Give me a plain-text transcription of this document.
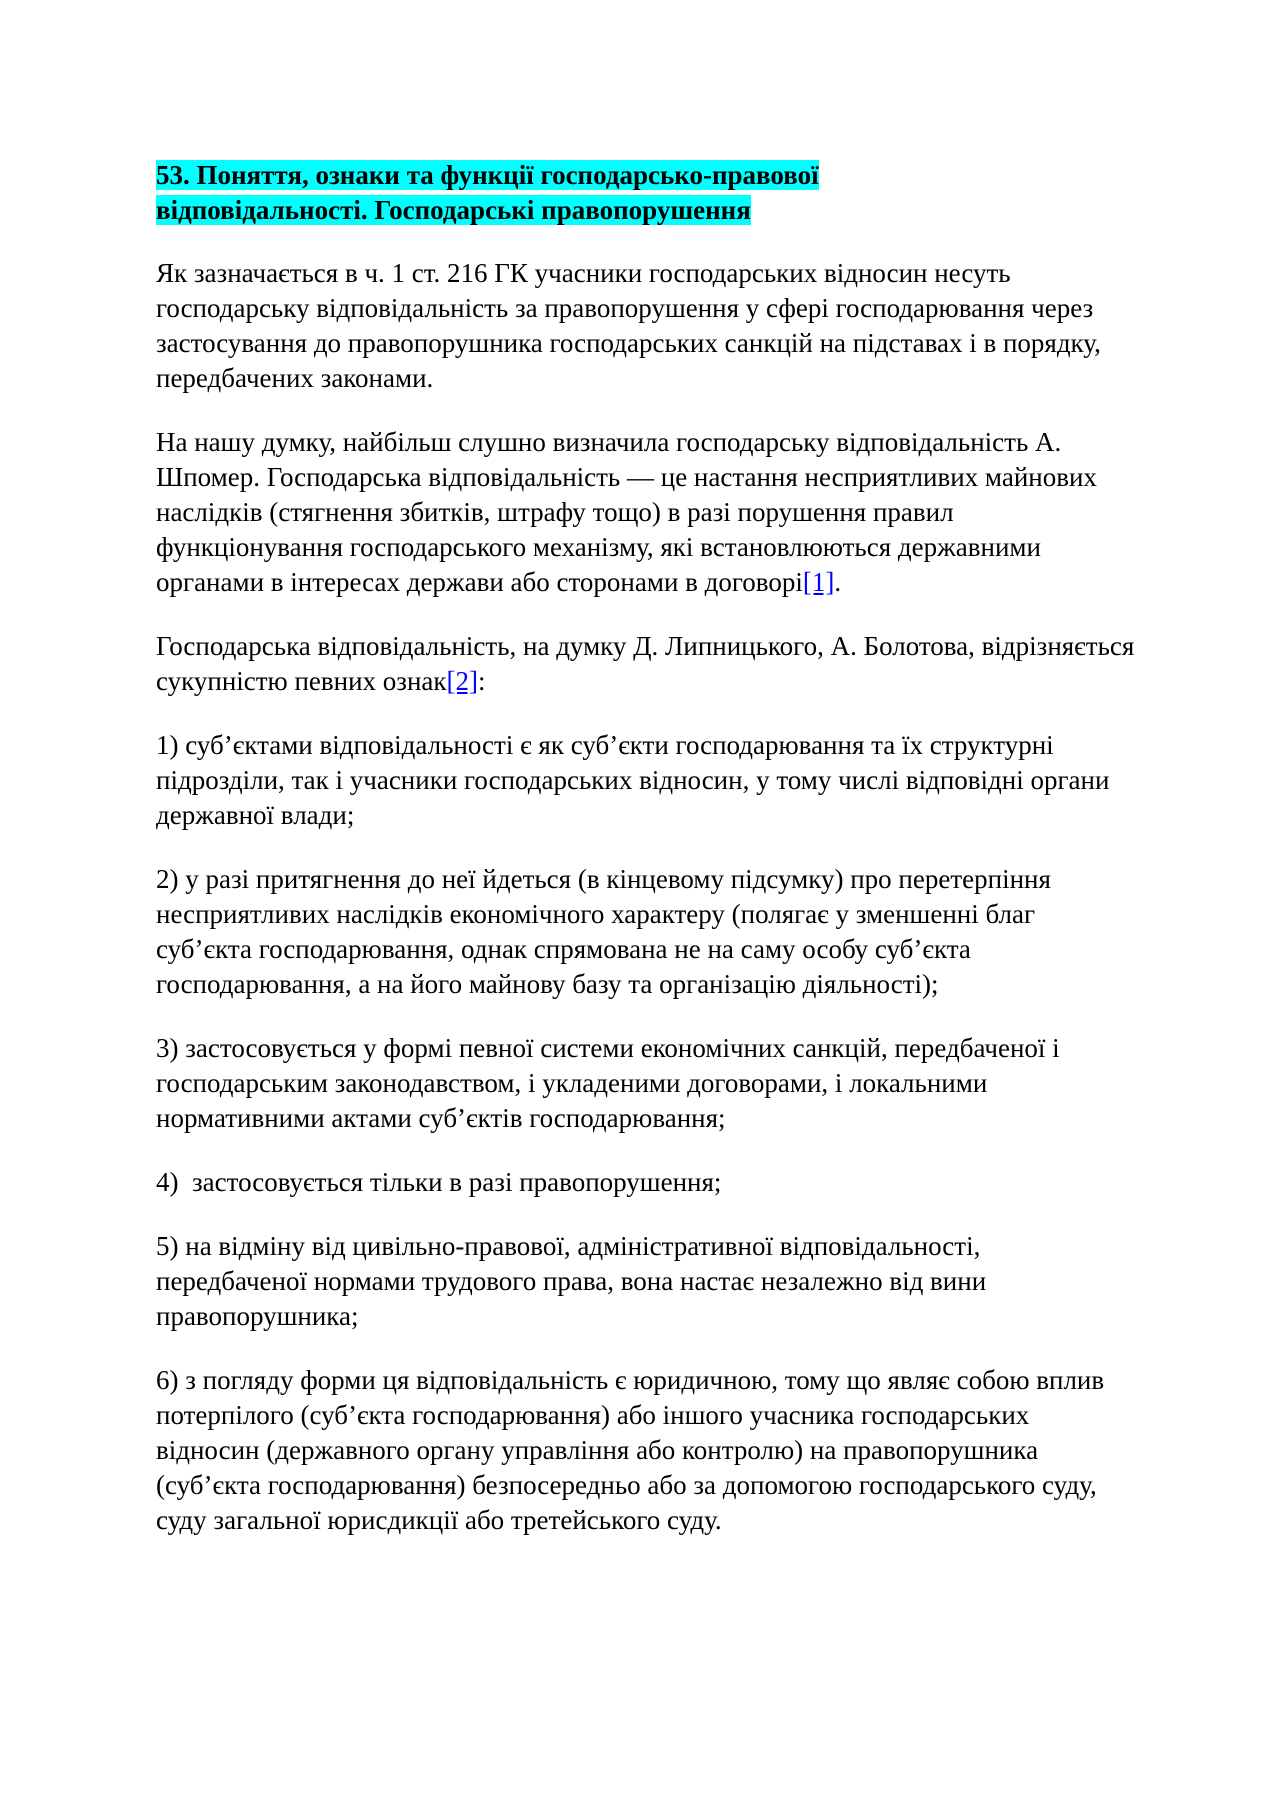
53. Поняття, ознаки та функції господарсько-правової
відповідальності. Господарські правопорушення

Як зазначається в ч. 1 ст. 216 ГК учасники господарських відносин несуть господарську відповідальність за правопорушення у сфері господарювання через застосування до правопорушника господарських санкцій на підставах і в порядку, передбачених законами.

На нашу думку, найбільш слушно визначила господарську відповідальність А. Шпомер. Господарська відповідальність — це настання несприятливих майнових наслідків (стягнення збитків, штрафу тощо) в разі порушення правил функціонування господарського механізму, які встановлюються державними органами в інтересах держави або сторонами в договорі[1].

Господарська відповідальність, на думку Д. Липницького, А. Болотова, відрізняється сукупністю певних ознак[2]:

1) суб’єктами відповідальності є як суб’єкти господарювання та їх структурні підрозділи, так і учасники господарських відносин, у тому числі відповідні органи державної влади;

2) у разі притягнення до неї йдеться (в кінцевому підсумку) про перетерпіння несприятливих наслідків економічного характеру (полягає у зменшенні благ суб’єкта господарювання, однак спрямована не на саму особу суб’єкта господарювання, а на його майнову базу та організацію діяльності);

3) застосовується у формі певної системи економічних санкцій, передбаченої і господарським законодавством, і укладеними договорами, і локальними нормативними актами суб’єктів господарювання;

4)  застосовується тільки в разі правопорушення;

5) на відміну від цивільно-правової, адміністративної відповідальності, передбаченої нормами трудового права, вона настає незалежно від вини правопорушника;

6) з погляду форми ця відповідальність є юридичною, тому що являє собою вплив потерпілого (суб’єкта господарювання) або іншого учасника господарських відносин (державного органу управління або контролю) на правопорушника (суб’єкта господарювання) безпосередньо або за допомогою господарського суду, суду загальної юрисдикції або третейського суду.
